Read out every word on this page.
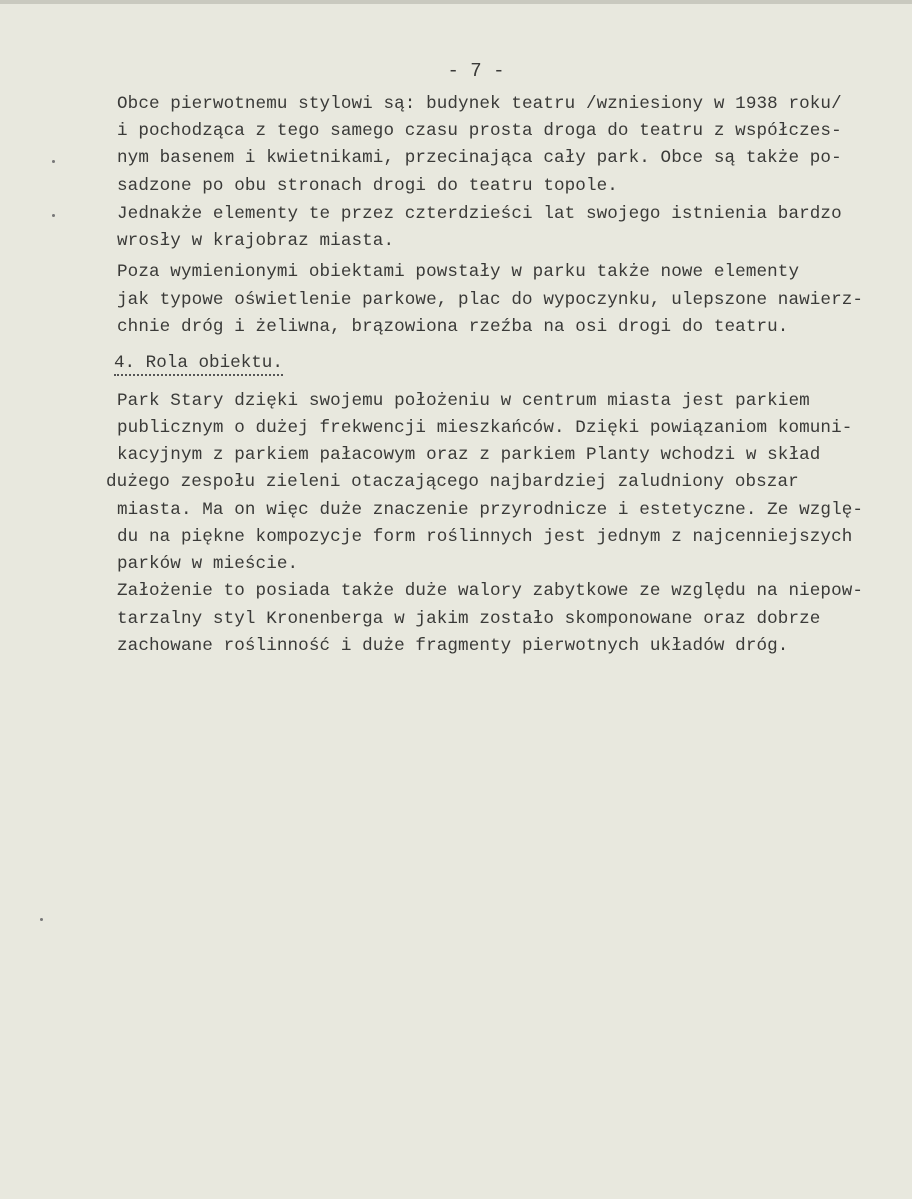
- 7 -
Obce pierwotnemu stylowi są: budynek teatru /wzniesiony w 1938 roku/
i pochodząca z tego samego czasu prosta droga do teatru z współczes-
nym basenem i kwietnikami, przecinająca cały park. Obce są także po-
sadzone po obu stronach drogi do teatru topole.
Jednakże elementy te przez czterdzieści lat swojego istnienia bardzo
wrosły w krajobraz miasta.
Poza wymienionymi obiektami powstały w parku także nowe elementy
jak typowe oświetlenie parkowe, plac do wypoczynku, ulepszone nawierz-
chnie dróg i żeliwna, brązowiona rzeźba na osi drogi do teatru.
4. Rola obiektu.
Park Stary dzięki swojemu położeniu w centrum miasta jest parkiem
publicznym o dużej frekwencji mieszkańców. Dzięki powiązaniom komuni-
kacyjnym z parkiem pałacowym oraz z parkiem Planty wchodzi w skład
dużego zespołu zieleni otaczającego najbardziej zaludniony obszar
miasta. Ma on więc duże znaczenie przyrodnicze i estetyczne. Ze wzglę-
du na piękne kompozycje form roślinnych jest jednym z najcenniejszych
parków w mieście.
Założenie to posiada także duże walory zabytkowe ze względu na niepow-
tarzalny styl Kronenberga w jakim zostało skomponowane oraz dobrze
zachowane roślinność i duże fragmenty pierwotnych układów dróg.
